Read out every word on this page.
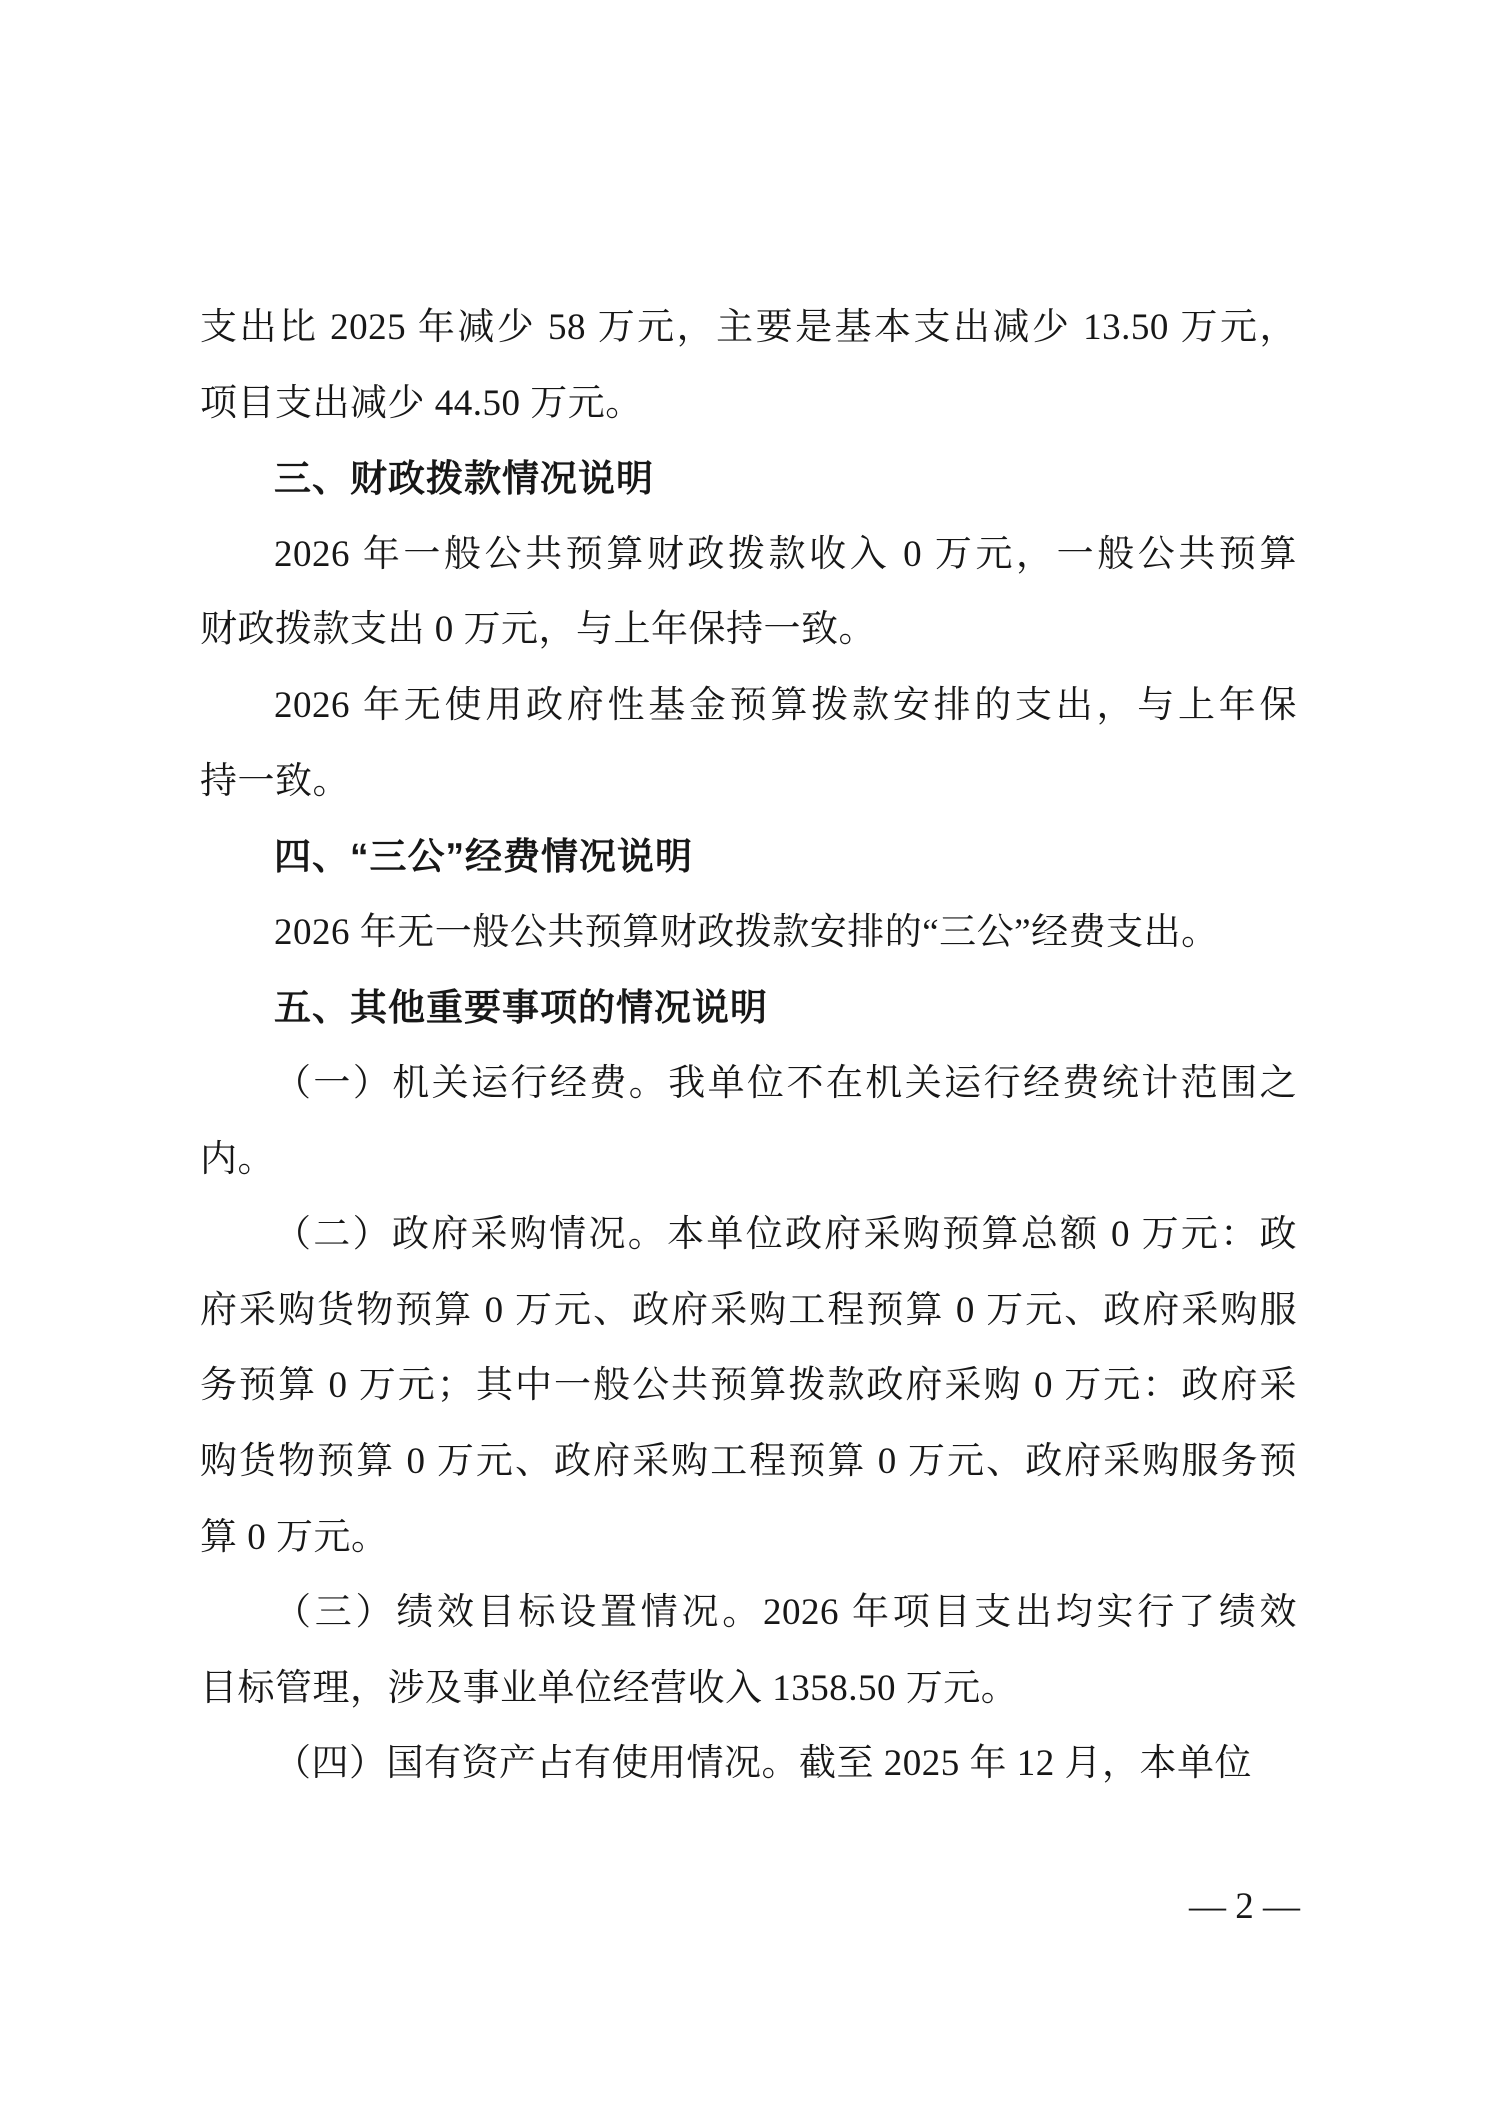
支出比 2025 年减少 58 万元，主要是基本支出减少 13.50 万元，
项目支出减少 44.50 万元。
三、财政拨款情况说明
2026 年一般公共预算财政拨款收入 0 万元，一般公共预算
财政拨款支出 0 万元，与上年保持一致。
2026 年无使用政府性基金预算拨款安排的支出，与上年保
持一致。
四、“三公”经费情况说明
2026 年无一般公共预算财政拨款安排的“三公”经费支出。
五、其他重要事项的情况说明
（一）机关运行经费。我单位不在机关运行经费统计范围之
内。
（二）政府采购情况。本单位政府采购预算总额 0 万元：政
府采购货物预算 0 万元、政府采购工程预算 0 万元、政府采购服
务预算 0 万元；其中一般公共预算拨款政府采购 0 万元：政府采
购货物预算 0 万元、政府采购工程预算 0 万元、政府采购服务预
算 0 万元。
（三）绩效目标设置情况。2026 年项目支出均实行了绩效
目标管理，涉及事业单位经营收入 1358.50 万元。
（四）国有资产占有使用情况。截至 2025 年 12 月，本单位
— 2 —
